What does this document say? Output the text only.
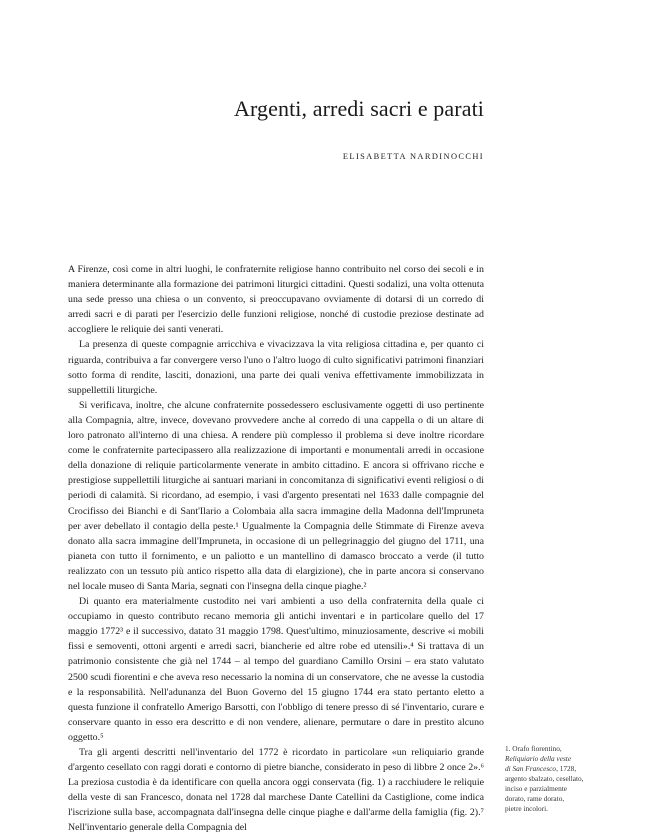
Argenti, arredi sacri e parati
ELISABETTA NARDINOCCHI

A Firenze, così come in altri luoghi, le confraternite religiose hanno contribuito nel corso dei secoli e in maniera determinante alla formazione dei patrimoni liturgici cittadini. Questi sodalizi, una volta ottenuta una sede presso una chiesa o un convento, si preoccupavano ovviamente di dotarsi di un corredo di arredi sacri e di parati per l'esercizio delle funzioni religiose, nonché di custodie preziose destinate ad accogliere le reliquie dei santi venerati.

La presenza di queste compagnie arricchiva e vivacizzava la vita religiosa cittadina e, per quanto ci riguarda, contribuiva a far convergere verso l'uno o l'altro luogo di culto significativi patrimoni finanziari sotto forma di rendite, lasciti, donazioni, una parte dei quali veniva effettivamente immobilizzata in suppellettili liturgiche.

Si verificava, inoltre, che alcune confraternite possedessero esclusivamente oggetti di uso pertinente alla Compagnia, altre, invece, dovevano provvedere anche al corredo di una cappella o di un altare di loro patronato all'interno di una chiesa. A rendere più complesso il problema si deve inoltre ricordare come le confraternite partecipassero alla realizzazione di importanti e monumentali arredi in occasione della donazione di reliquie particolarmente venerate in ambito cittadino. E ancora si offrivano ricche e prestigiose suppellettili liturgiche ai santuari mariani in concomitanza di significativi eventi religiosi o di periodi di calamità. Si ricordano, ad esempio, i vasi d'argento presentati nel 1633 dalle compagnie del Crocifisso dei Bianchi e di Sant'Ilario a Colombaia alla sacra immagine della Madonna dell'Impruneta per aver debellato il contagio della peste.¹ Ugualmente la Compagnia delle Stimmate di Firenze aveva donato alla sacra immagine dell'Impruneta, in occasione di un pellegrinaggio del giugno del 1711, una pianeta con tutto il fornimento, e un paliotto e un mantellino di damasco broccato a verde (il tutto realizzato con un tessuto più antico rispetto alla data di elargizione), che in parte ancora si conservano nel locale museo di Santa Maria, segnati con l'insegna della cinque piaghe.²

Di quanto era materialmente custodito nei vari ambienti a uso della confraternita della quale ci occupiamo in questo contributo recano memoria gli antichi inventari e in particolare quello del 17 maggio 1772³ e il successivo, datato 31 maggio 1798. Quest'ultimo, minuziosamente, descrive «i mobili fissi e semoventi, ottoni argenti e arredi sacri, biancherie ed altre robe ed utensili».⁴ Si trattava di un patrimonio consistente che già nel 1744 – al tempo del guardiano Camillo Orsini – era stato valutato 2500 scudi fiorentini e che aveva reso necessario la nomina di un conservatore, che ne avesse la custodia e la responsabilità. Nell'adunanza del Buon Governo del 15 giugno 1744 era stato pertanto eletto a questa funzione il confratello Amerigo Barsotti, con l'obbligo di tenere presso di sé l'inventario, curare e conservare quanto in esso era descritto e di non vendere, alienare, permutare o dare in prestito alcuno oggetto.⁵

Tra gli argenti descritti nell'inventario del 1772 è ricordato in particolare «un reliquiario grande d'argento cesellato con raggi dorati e contorno di pietre bianche, considerato in peso di libbre 2 once 2».⁶ La preziosa custodia è da identificare con quella ancora oggi conservata (fig. 1) a racchiudere le reliquie della veste di san Francesco, donata nel 1728 dal marchese Dante Catellini da Castiglione, come indica l'iscrizione sulla base, accompagnata dall'insegna delle cinque piaghe e dall'arme della famiglia (fig. 2).⁷ Nell'inventario generale della Compagnia del

1. Orafo fiorentino,
Reliquiario della veste
di San Francesco, 1728,
argento sbalzato, cesellato,
inciso e parzialmente
dorato, rame dorato,
pietre incolori.
